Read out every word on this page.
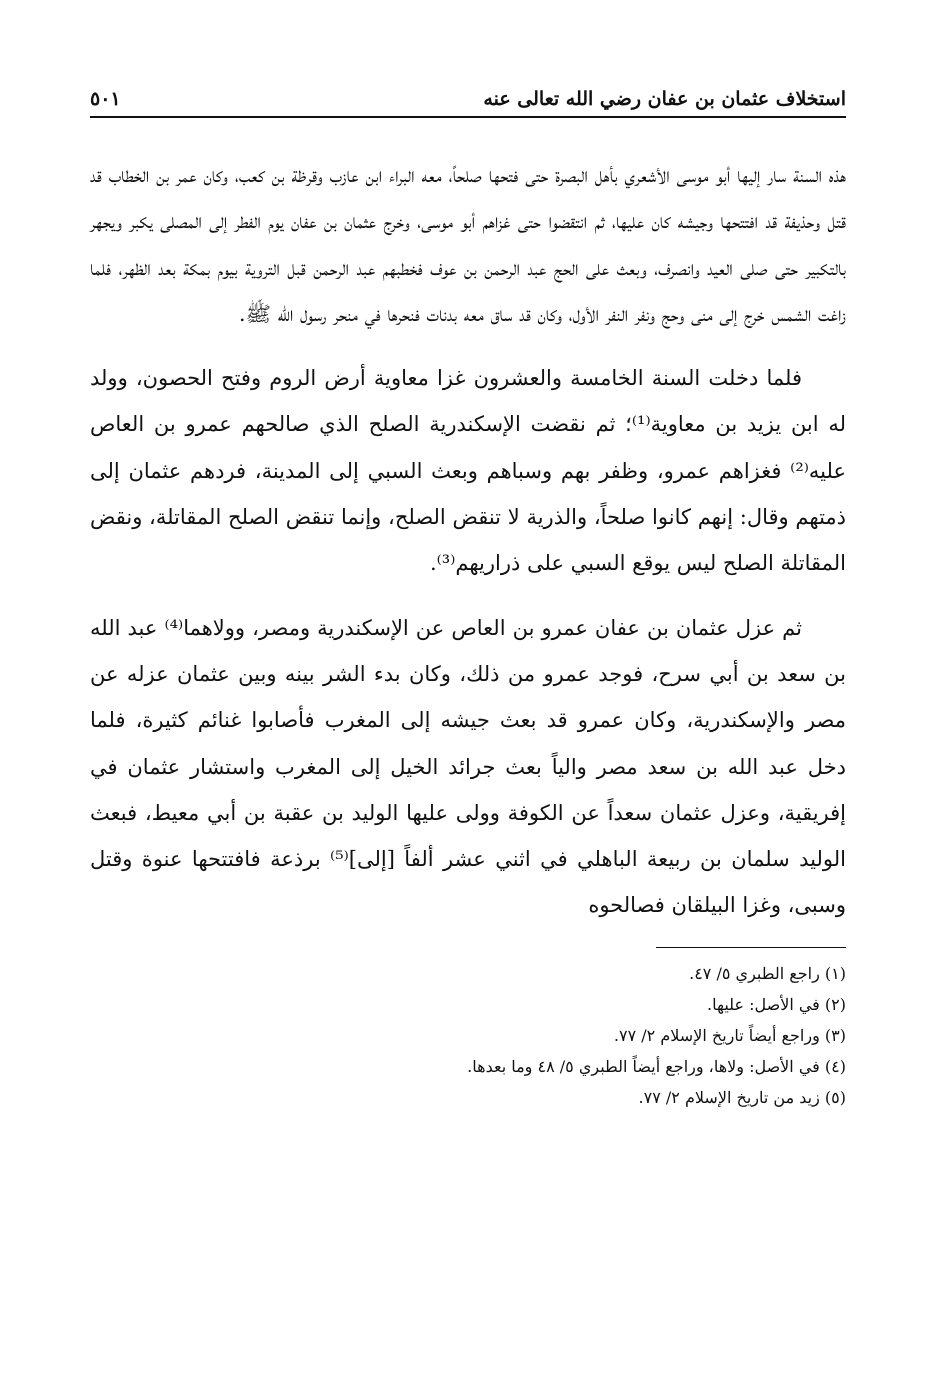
استخلاف عثمان بن عفان رضي الله تعالى عنه
٥٠١

هذه السنة سار إليها أبو موسى الأشعري بأهل البصرة حتى فتحها صلحاً، معه البراء ابن عازب وقرظة بن كعب، وكان عمر بن الخطاب قد قتل وحذيفة قد افتتحها وجيشه كان عليها، ثم انتقضوا حتى غزاهم أبو موسى، وخرج عثمان بن عفان يوم الفطر إلى المصلى يكبر ويجهر بالتكبير حتى صلى العيد وانصرف، وبعث على الحج عبد الرحمن بن عوف فخطبهم عبد الرحمن قبل التروية بيوم بمكة بعد الظهر، فلما زاغت الشمس خرج إلى منى وحج ونفر النفر الأول، وكان قد ساق معه بدنات فنحرها في منحر رسول الله ﷺ.

فلما دخلت السنة الخامسة والعشرون غزا معاوية أرض الروم وفتح الحصون، وولد له ابن يزيد بن معاوية⁽¹⁾؛ ثم نقضت الإسكندرية الصلح الذي صالحهم عمرو بن العاص عليه⁽²⁾ فغزاهم عمرو، وظفر بهم وسباهم وبعث السبي إلى المدينة، فردهم عثمان إلى ذمتهم وقال: إنهم كانوا صلحاً، والذرية لا تنقض الصلح، وإنما تنقض الصلح المقاتلة، ونقض المقاتلة الصلح ليس يوقع السبي على ذراريهم⁽³⁾.

ثم عزل عثمان بن عفان عمرو بن العاص عن الإسكندرية ومصر، وولاهما⁽⁴⁾ عبد الله بن سعد بن أبي سرح، فوجد عمرو من ذلك، وكان بدء الشر بينه وبين عثمان عزله عن مصر والإسكندرية، وكان عمرو قد بعث جيشه إلى المغرب فأصابوا غنائم كثيرة، فلما دخل عبد الله بن سعد مصر والياً بعث جرائد الخيل إلى المغرب واستشار عثمان في إفريقية، وعزل عثمان سعداً عن الكوفة وولى عليها الوليد بن عقبة بن أبي معيط، فبعث الوليد سلمان بن ربيعة الباهلي في اثني عشر ألفاً [إلى]⁽⁵⁾ برذعة فافتتحها عنوة وقتل وسبى، وغزا البيلقان فصالحوه

(١) راجع الطبري ٥/ ٤٧.
(٢) في الأصل: عليها.
(٣) وراجع أيضاً تاريخ الإسلام ٢/ ٧٧.
(٤) في الأصل: ولاها، وراجع أيضاً الطبري ٥/ ٤٨ وما بعدها.
(٥) زيد من تاريخ الإسلام ٢/ ٧٧.
